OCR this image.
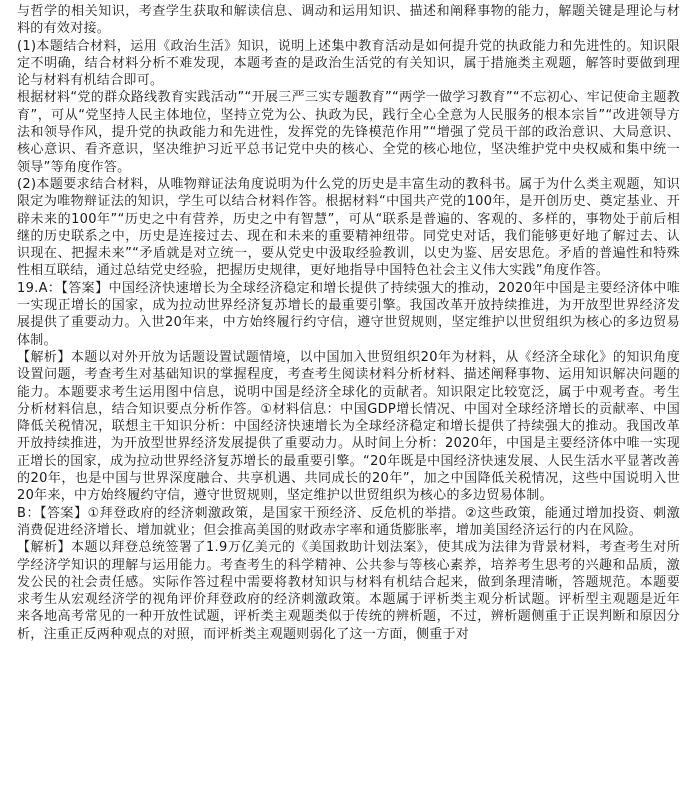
与哲学的相关知识，考查学生获取和解读信息、调动和运用知识、描述和阐释事物的能力，解题关键是理论与材料的有效对接。

(1)本题结合材料，运用《政治生活》知识，说明上述集中教育活动是如何提升党的执政能力和先进性的。知识限定不明确，结合材料分析不难发现，本题考查的是政治生活党的有关知识，属于措施类主观题，解答时要做到理论与材料有机结合即可。

根据材料“党的群众路线教育实践活动”“开展三严三实专题教育”“两学一做学习教育”“不忘初心、牢记使命主题教育”，可从“党坚持人民主体地位，坚持立党为公、执政为民，践行全心全意为人民服务的根本宗旨”“改进领导方法和领导作风，提升党的执政能力和先进性，发挥党的先锋模范作用”“增强了党员干部的政治意识、大局意识、核心意识、看齐意识，坚决维护习近平总书记党中央的核心、全党的核心地位，坚决维护党中央权威和集中统一领导”等角度作答。

(2)本题要求结合材料，从唯物辩证法角度说明为什么党的历史是丰富生动的教科书。属于为什么类主观题，知识限定为唯物辩证法的知识，学生可以结合材料作答。根据材料“中国共产党的100年，是开创历史、奠定基业、开辟未来的100年”“历史之中有营养，历史之中有智慧”，可从“联系是普遍的、客观的、多样的，事物处于前后相继的历史联系之中，历史是连接过去、现在和未来的重要精神纽带。同党史对话，我们能够更好地了解过去、认识现在、把握未来”“矛盾就是对立统一，要从党史中汲取经验教训，以史为鉴、居安思危。矛盾的普遍性和特殊性相互联结，通过总结党史经验，把握历史规律，更好地指导中国特色社会主义伟大实践”角度作答。

19.A：【答案】中国经济快速增长为全球经济稳定和增长提供了持续强大的推动，2020年中国是主要经济体中唯一实现正增长的国家，成为拉动世界经济复苏增长的最重要引擎。我国改革开放持续推进，为开放型世界经济发展提供了重要动力。入世20年来，中方始终履行约守信，遵守世贸规则，坚定维护以世贸组织为核心的多边贸易体制。

【解析】本题以对外开放为话题设置试题情境，以中国加入世贸组织20年为材料，从《经济全球化》的知识角度设置问题，考查考生对基础知识的掌握程度，考查考生阅读材料分析材料、描述阐释事物、运用知识解决问题的能力。本题要求考生运用图中信息，说明中国是经济全球化的贡献者。知识限定比较宽泛，属于中观考查。考生分析材料信息，结合知识要点分析作答。①材料信息：中国GDP增长情况、中国对全球经济增长的贡献率、中国降低关税情况，联想主干知识分析：中国经济快速增长为全球经济稳定和增长提供了持续强大的推动。我国改革开放持续推进，为开放型世界经济发展提供了重要动力。从时间上分析：2020年，中国是主要经济体中唯一实现正增长的国家，成为拉动世界经济复苏增长的最重要引擎。“20年既是中国经济快速发展、人民生活水平显著改善的20年，也是中国与世界深度融合、共享机遇、共同成长的20年”，加之中国降低关税情况，这些中国说明入世20年来，中方始终履约守信，遵守世贸规则，坚定维护以世贸组织为核心的多边贸易体制。

B：【答案】①拜登政府的经济刺激政策，是国家干预经济、反危机的举措。②这些政策，能通过增加投资、刺激消费促进经济增长、增加就业；但会推高美国的财政赤字率和通货膨胀率，增加美国经济运行的内在风险。

【解析】本题以拜登总统签署了1.9万亿美元的《美国救助计划法案》，使其成为法律为背景材料，考查考生对所学经济学知识的理解与运用能力。考查考生的科学精神、公共参与等核心素养，培养考生思考的兴趣和品质，激发公民的社会责任感。实际作答过程中需要将教材知识与材料有机结合起来，做到条理清晰，答题规范。本题要求考生从宏观经济学的视角评价拜登政府的经济刺激政策。本题属于评析类主观分析试题。评析型主观题是近年来各地高考常见的一种开放性试题，评析类主观题类似于传统的辨析题，不过，辨析题侧重于正误判断和原因分析，注重正反两种观点的对照，而评析类主观题则弱化了这一方面，侧重于对
